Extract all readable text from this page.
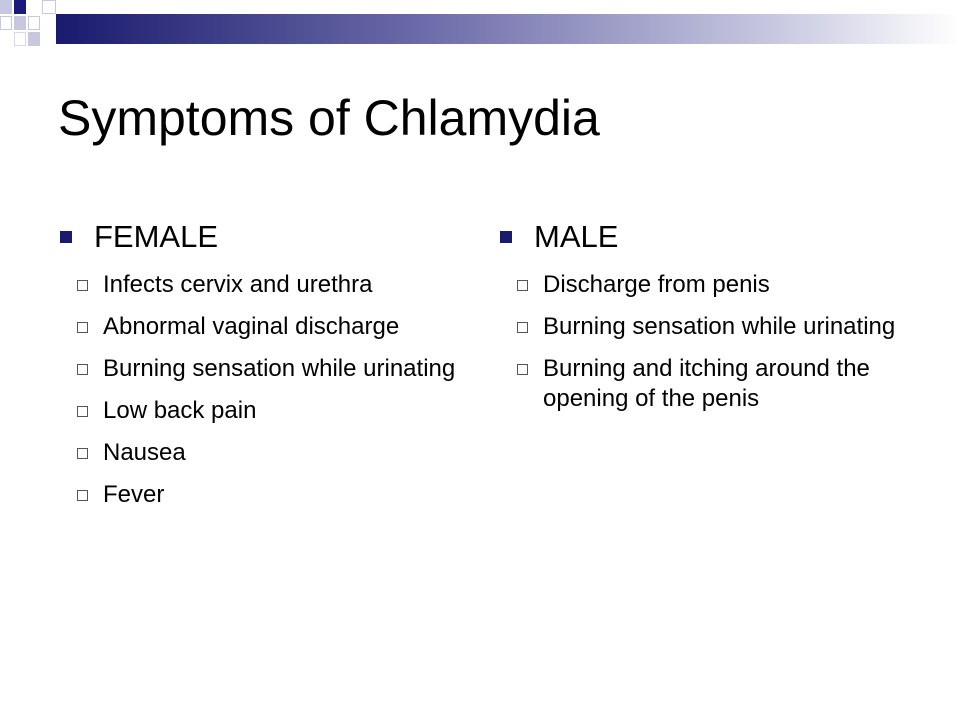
Symptoms of Chlamydia
FEMALE
Infects cervix and urethra
Abnormal vaginal discharge
Burning sensation while urinating
Low back pain
Nausea
Fever
MALE
Discharge from penis
Burning sensation while urinating
Burning and itching around the opening of the penis
